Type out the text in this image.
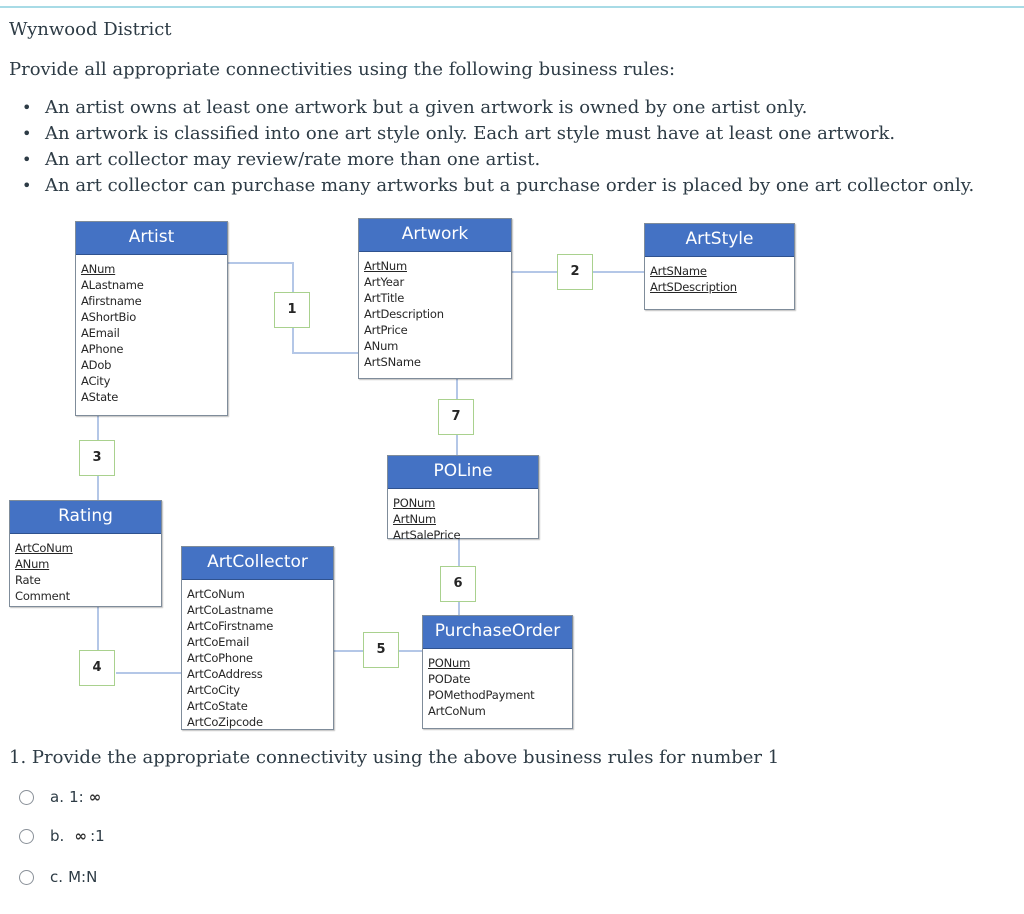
Wynwood District
Provide all appropriate connectivities using the following business rules:
• An artist owns at least one artwork but a given artwork is owned by one artist only.
• An artwork is classified into one art style only. Each art style must have at least one artwork.
• An art collector may review/rate more than one artist.
• An art collector can purchase many artworks but a purchase order is placed by one art collector only.
Artist
ANum
ALastname
Afirstname
AShortBio
AEmail
APhone
ADob
ACity
AState
Artwork
ArtNum
ArtYear
ArtTitle
ArtDescription
ArtPrice
ANum
ArtSName
ArtStyle
ArtSName
ArtSDescription
Rating
ArtCoNum
ANum
Rate
Comment
ArtCollector
ArtCoNum
ArtCoLastname
ArtCoFirstname
ArtCoEmail
ArtCoPhone
ArtCoAddress
ArtCoCity
ArtCoState
ArtCoZipcode
POLine
PONum
ArtNum
ArtSalePrice
PurchaseOrder
PONum
PODate
POMethodPayment
ArtCoNum
1
2
3
4
5
6
7
1. Provide the appropriate connectivity using the above business rules for number 1
a.
1:
∞
b.
∞
:1
c.
M:N
